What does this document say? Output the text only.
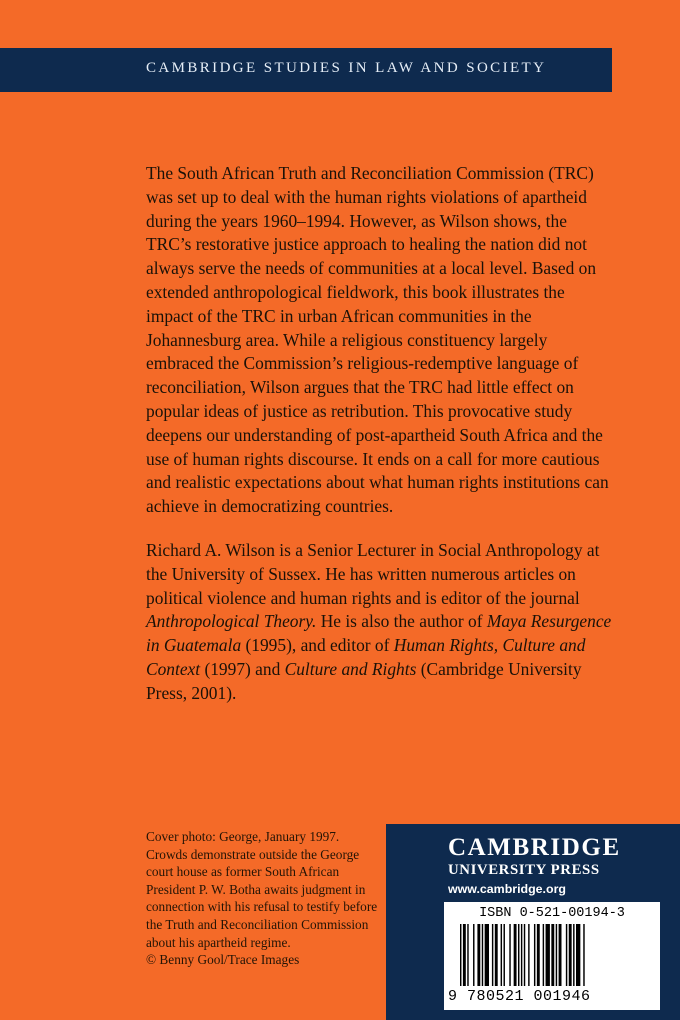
CAMBRIDGE STUDIES IN LAW AND SOCIETY

The South African Truth and Reconciliation Commission (TRC) was set up to deal with the human rights violations of apartheid during the years 1960–1994. However, as Wilson shows, the TRC’s restorative justice approach to healing the nation did not always serve the needs of communities at a local level. Based on extended anthropological fieldwork, this book illustrates the impact of the TRC in urban African communities in the Johannesburg area. While a religious constituency largely embraced the Commission’s religious-redemptive language of reconciliation, Wilson argues that the TRC had little effect on popular ideas of justice as retribution. This provocative study deepens our understanding of post-apartheid South Africa and the use of human rights discourse. It ends on a call for more cautious and realistic expectations about what human rights institutions can achieve in democratizing countries.

Richard A. Wilson is a Senior Lecturer in Social Anthropology at the University of Sussex. He has written numerous articles on political violence and human rights and is editor of the journal Anthropological Theory. He is also the author of Maya Resurgence in Guatemala (1995), and editor of Human Rights, Culture and Context (1997) and Culture and Rights (Cambridge University Press, 2001).

Cover photo: George, January 1997. Crowds demonstrate outside the George court house as former South African President P. W. Botha awaits judgment in connection with his refusal to testify before the Truth and Reconciliation Commission about his apartheid regime.
© Benny Gool/Trace Images
CAMBRIDGE
UNIVERSITY PRESS
www.cambridge.org
ISBN 0-521-00194-3
9 780521 001946
